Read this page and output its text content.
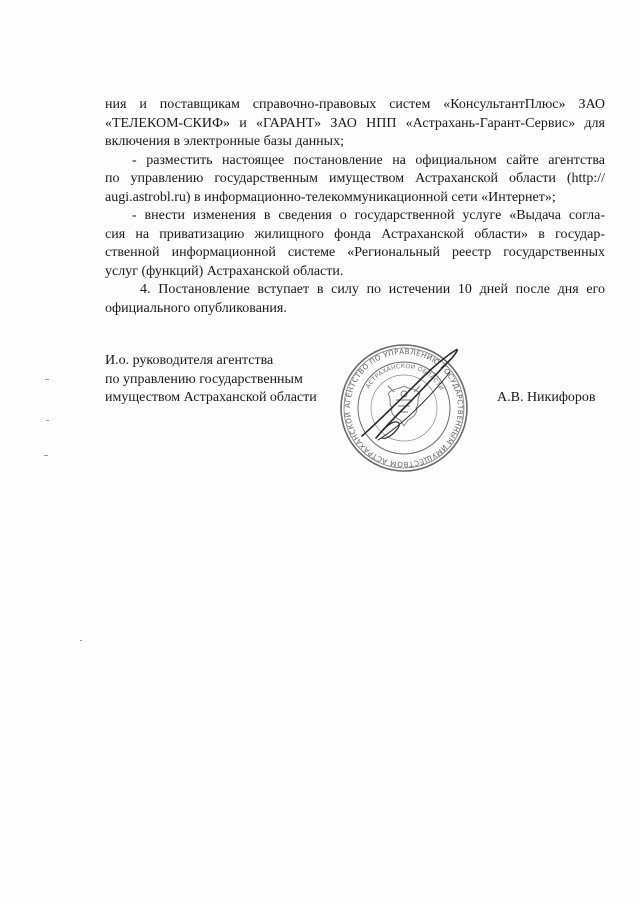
ния и поставщикам справочно-правовых систем «КонсультантПлюс» ЗАО
«ТЕЛЕКОМ-СКИФ» и «ГАРАНТ» ЗАО НПП «Астрахань-Гарант-Сервис» для
включения в электронные базы данных;
- разместить настоящее постановление на официальном сайте агентства
по управлению государственным имуществом Астраханской области (http://
augi.astrobl.ru) в информационно-телекоммуникационной сети «Интернет»;
- внести изменения в сведения о государственной услуге «Выдача согла-
сия на приватизацию жилищного фонда Астраханской области» в государ-
ственной информационной системе «Региональный реестр государственных
услуг (функций) Астраханской области.
4. Постановление вступает в силу по истечении 10 дней после дня его
официального опубликования.
И.о. руководителя агентства
по управлению государственным
имуществом Астраханской области	А.В. Никифоров
АГЕНТСТВО ПО УПРАВЛЕНИЮ ГОСУДАРСТВЕННЫМ ИМУЩЕСТВОМ АСТРАХАНСКОЙ
АСТРАХАНСКОЙ ОБЛАСТИ
